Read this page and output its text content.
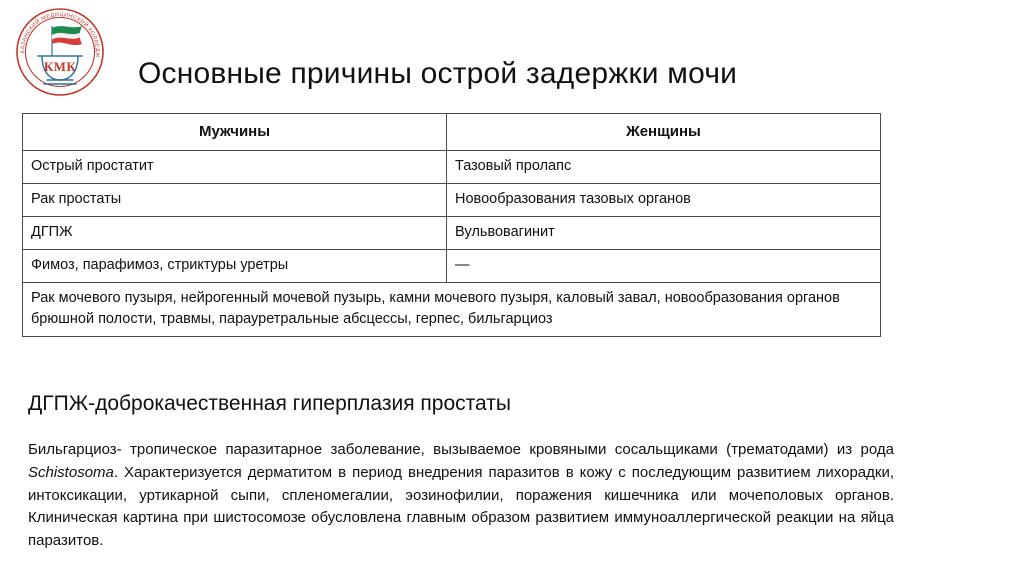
КАЗАНСКИЙ МЕДИЦИНСКИЙ КОЛЛЕДЖ
КМК Основные причины острой задержки мочи
Мужчины	Женщины
Острый простатит	Тазовый пролапс
Рак простаты	Новообразования тазовых органов
ДГПЖ	Вульвовагинит
Фимоз, парафимоз, стриктуры уретры	—
Рак мочевого пузыря, нейрогенный мочевой пузырь, камни мочевого пузыря, каловый завал, новообразования органов брюшной полости, травмы, парауретральные абсцессы, герпес, бильгарциоз	
ДГПЖ-доброкачественная гиперплазия простаты

Бильгарциоз- тропическое паразитарное заболевание, вызываемое кровяными сосальщиками (трематодами) из рода Schistosoma. Характеризуется дерматитом в период внедрения паразитов в кожу с последующим развитием лихорадки, интоксикации, уртикарной сыпи, спленомегалии, эозинофилии, поражения кишечника или мочеполовых органов. Клиническая картина при шистосомозе обусловлена главным образом развитием иммуноаллергической реакции на яйца паразитов.
